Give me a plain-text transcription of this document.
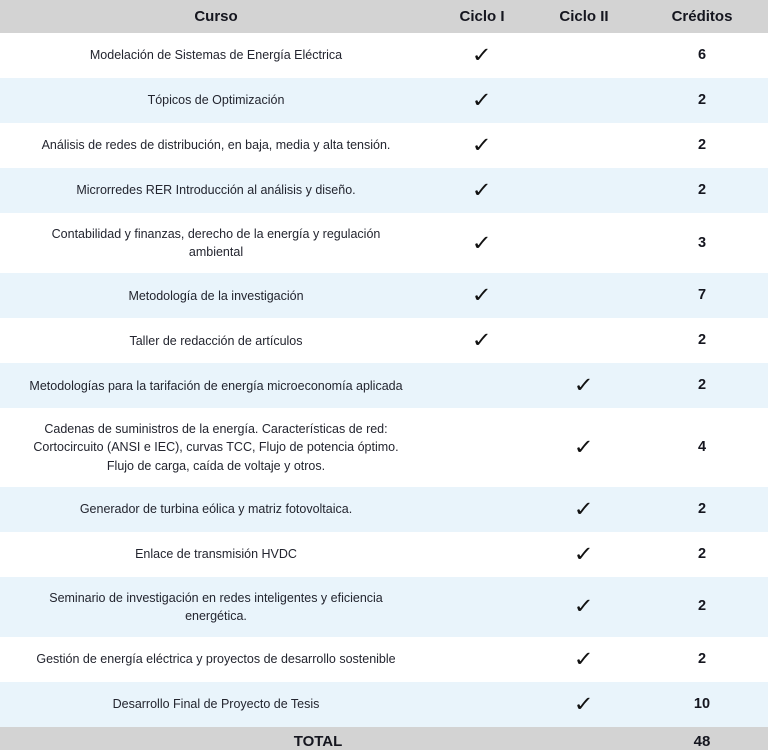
Curso	Ciclo I	Ciclo II	Créditos
Modelación de Sistemas de Energía Eléctrica	✓		6
Tópicos de Optimización	✓		2
Análisis de redes de distribución, en baja, media y alta tensión.	✓		2
Microrredes RER Introducción al análisis y diseño.	✓		2
Contabilidad y finanzas, derecho de la energía y regulación ambiental	✓		3
Metodología de la investigación	✓		7
Taller de redacción de artículos	✓		2
Metodologías para la tarifación de energía microeconomía aplicada		✓	2
Cadenas de suministros de la energía. Características de red: Cortocircuito (ANSI e IEC), curvas TCC, Flujo de potencia óptimo. Flujo de carga, caída de voltaje y otros.		✓	4
Generador de turbina eólica y matriz fotovoltaica.		✓	2
Enlace de transmisión HVDC		✓	2
Seminario de investigación en redes inteligentes y eficiencia energética.		✓	2
Gestión de energía eléctrica y proyectos de desarrollo sostenible		✓	2
Desarrollo Final de Proyecto de Tesis		✓	10
TOTAL			48
